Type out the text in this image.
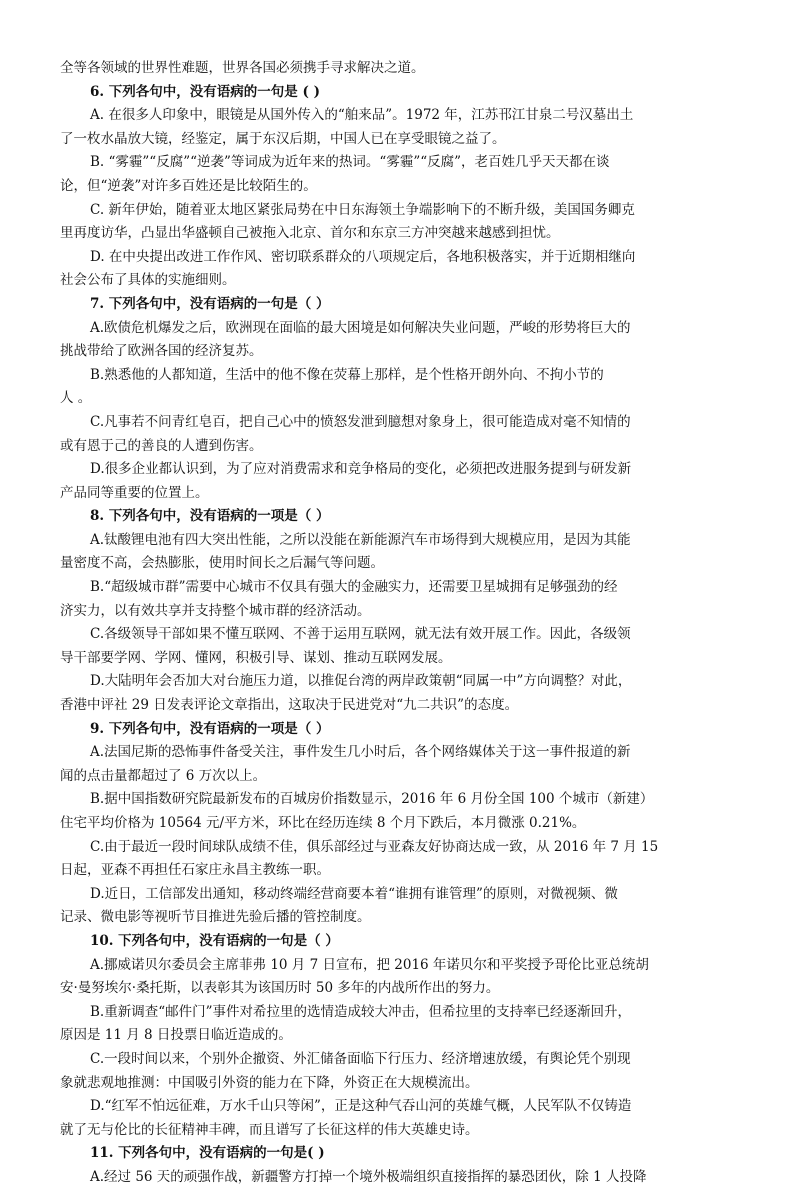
全等各领域的世界性难题，世界各国必须携手寻求解决之道。
6. 下列各句中，没有语病的一句是 ( )
A. 在很多人印象中，眼镜是从国外传入的“舶来品”。1972 年，江苏邗江甘泉二号汉墓出土
了一枚水晶放大镜，经鉴定，属于东汉后期，中国人已在享受眼镜之益了。
B. “雾霾”“反腐”“逆袭”等词成为近年来的热词。“雾霾”“反腐”，老百姓几乎天天都在谈
论，但“逆袭”对许多百姓还是比较陌生的。
C. 新年伊始，随着亚太地区紧张局势在中日东海领土争端影响下的不断升级，美国国务卿克
里再度访华，凸显出华盛顿自己被拖入北京、首尔和东京三方冲突越来越感到担忧。
D. 在中央提出改进工作作风、密切联系群众的八项规定后，各地积极落实，并于近期相继向
社会公布了具体的实施细则。
7. 下列各句中，没有语病的一句是（ ）
A.欧债危机爆发之后，欧洲现在面临的最大困境是如何解决失业问题，严峻的形势将巨大的
挑战带给了欧洲各国的经济复苏。
B.熟悉他的人都知道，生活中的他不像在荧幕上那样，是个性格开朗外向、不拘小节的
人 。
C.凡事若不问青红皂百，把自己心中的愤怒发泄到臆想对象身上，很可能造成对毫不知情的
或有恩于己的善良的人遭到伤害。
D.很多企业都认识到，为了应对消费需求和竞争格局的变化，必须把改进服务提到与研发新
产品同等重要的位置上。
8. 下列各句中，没有语病的一项是（ ）
A.钛酸锂电池有四大突出性能，之所以没能在新能源汽车市场得到大规模应用，是因为其能
量密度不高，会热膨胀，使用时间长之后漏气等问题。
B.“超级城市群”需要中心城市不仅具有强大的金融实力，还需要卫星城拥有足够强劲的经
济实力，以有效共享并支持整个城市群的经济活动。
C.各级领导干部如果不懂互联网、不善于运用互联网，就无法有效开展工作。因此，各级领
导干部要学网、学网、懂网，积极引导、谋划、推动互联网发展。
D.大陆明年会否加大对台施压力道，以推促台湾的两岸政策朝“同属一中”方向调整？对此，
香港中评社 29 日发表评论文章指出，这取决于民进党对“九二共识”的态度。
9. 下列各句中，没有语病的一项是（ ）
A.法国尼斯的恐怖事件备受关注，事件发生几小时后，各个网络媒体关于这一事件报道的新
闻的点击量都超过了 6 万次以上。
B.据中国指数研究院最新发布的百城房价指数显示，2016 年 6 月份全国 100 个城市（新建）
住宅平均价格为 10564 元/平方米，环比在经历连续 8 个月下跌后，本月微涨 0.21%。
C.由于最近一段时间球队成绩不佳，俱乐部经过与亚森友好协商达成一致，从 2016 年 7 月 15
日起，亚森不再担任石家庄永昌主教练一职。
D.近日，工信部发出通知，移动终端经营商要本着“谁拥有谁管理”的原则，对微视频、微
记录、微电影等视听节目推进先验后播的管控制度。
10. 下列各句中，没有语病的一句是（ ）
A.挪威诺贝尔委员会主席菲弗 10 月 7 日宣布，把 2016 年诺贝尔和平奖授予哥伦比亚总统胡
安·曼努埃尔·桑托斯，以表彰其为该国历时 50 多年的内战所作出的努力。
B.重新调查“邮件门”事件对希拉里的选情造成较大冲击，但希拉里的支持率已经逐渐回升，
原因是 11 月 8 日投票日临近造成的。
C.一段时间以来，个别外企撤资、外汇储备面临下行压力、经济增速放缓，有舆论凭个别现
象就悲观地推测：中国吸引外资的能力在下降，外资正在大规模流出。
D.“红军不怕远征难，万水千山只等闲”，正是这种气吞山河的英雄气概，人民军队不仅铸造
就了无与伦比的长征精神丰碑，而且谱写了长征这样的伟大英雄史诗。
11. 下列各句中，没有语病的一句是( )
A.经过 56 天的顽强作战，新疆警方打掉一个境外极端组织直接指挥的暴恐团伙，除 1 人投降
